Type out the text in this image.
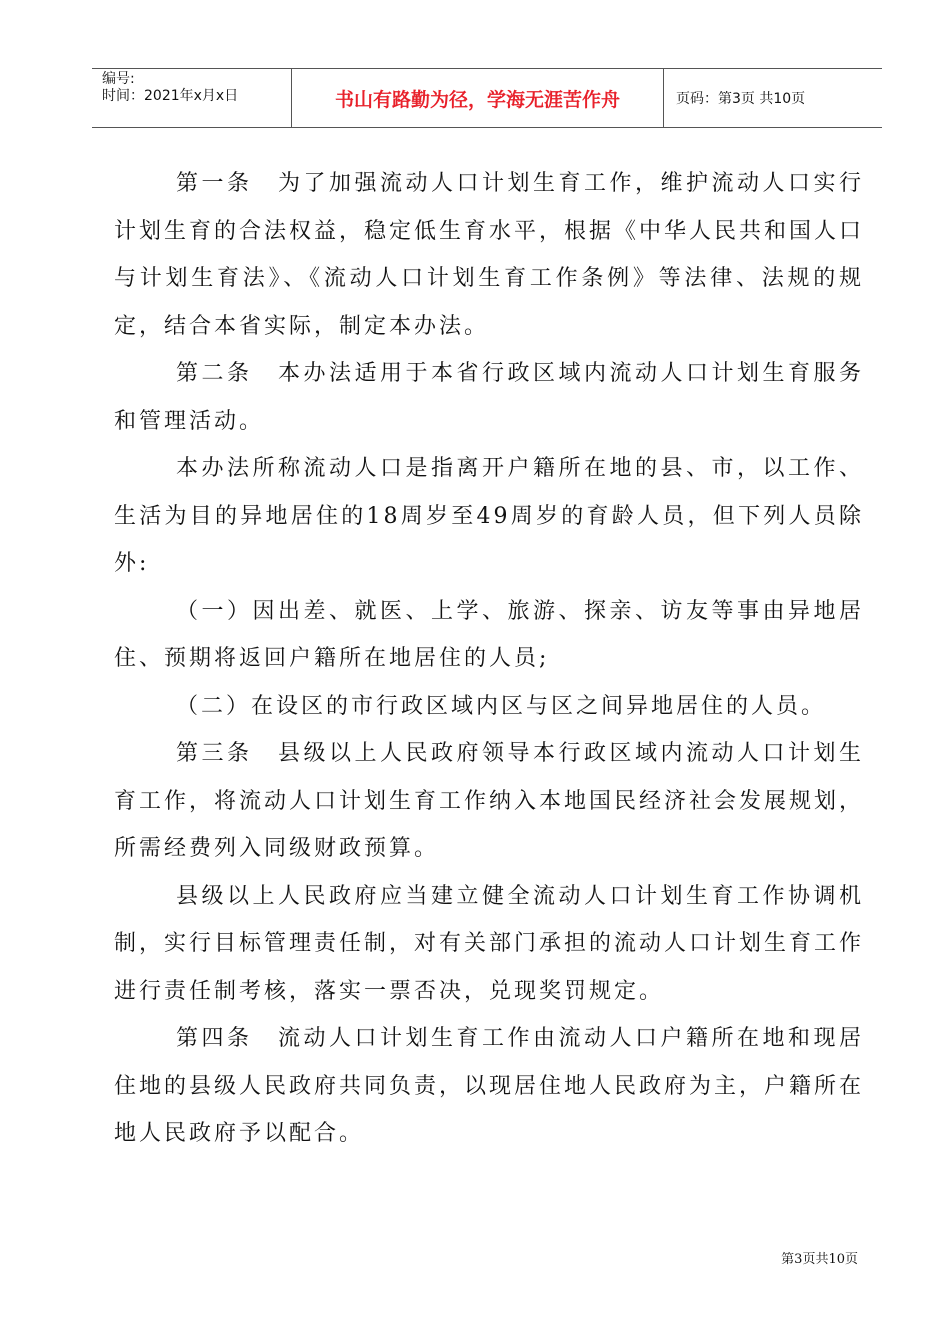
编号:
时间：2021年x月x日	书山有路勤为径，学海无涯苦作舟	页码：第3页 共10页

第一条　为了加强流动人口计划生育工作，维护流动人口实行计划生育的合法权益，稳定低生育水平，根据《中华人民共和国人口与计划生育法》、《流动人口计划生育工作条例》等法律、法规的规定，结合本省实际，制定本办法。

第二条　本办法适用于本省行政区域内流动人口计划生育服务和管理活动。

本办法所称流动人口是指离开户籍所在地的县、市，以工作、生活为目的异地居住的18周岁至49周岁的育龄人员，但下列人员除外:

（一）因出差、就医、上学、旅游、探亲、访友等事由异地居住、预期将返回户籍所在地居住的人员;

（二）在设区的市行政区域内区与区之间异地居住的人员。

第三条　县级以上人民政府领导本行政区域内流动人口计划生育工作，将流动人口计划生育工作纳入本地国民经济社会发展规划，所需经费列入同级财政预算。

县级以上人民政府应当建立健全流动人口计划生育工作协调机制，实行目标管理责任制，对有关部门承担的流动人口计划生育工作进行责任制考核，落实一票否决，兑现奖罚规定。

第四条　流动人口计划生育工作由流动人口户籍所在地和现居住地的县级人民政府共同负责，以现居住地人民政府为主，户籍所在地人民政府予以配合。

第3页共10页
